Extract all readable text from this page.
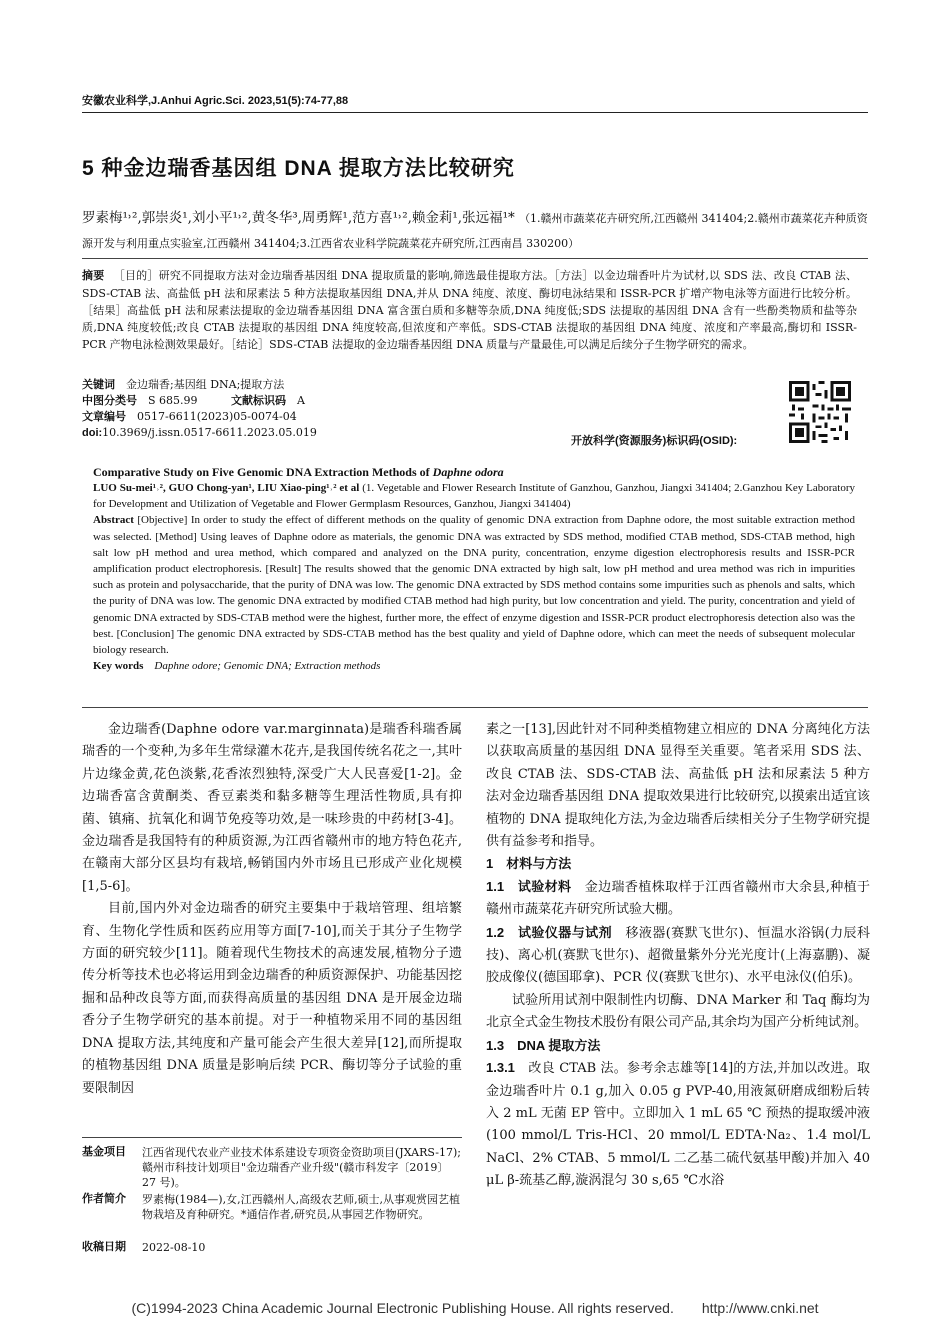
安徽农业科学,J.Anhui Agric.Sci. 2023,51(5):74-77,88
5 种金边瑞香基因组 DNA 提取方法比较研究
罗素梅¹˒²,郭崇炎¹,刘小平¹˒²,黄冬华³,周勇辉¹,范方喜¹˒²,赖金莉¹,张远福¹* （1.赣州市蔬菜花卉研究所,江西赣州 341404;2.赣州市蔬菜花卉种质资源开发与利用重点实验室,江西赣州 341404;3.江西省农业科学院蔬菜花卉研究所,江西南昌 330200）
摘要 　 ［目的］研究不同提取方法对金边瑞香基因组 DNA 提取质量的影响,筛选最佳提取方法。［方法］以金边瑞香叶片为试材,以 SDS 法、改良 CTAB 法、SDS-CTAB 法、高盐低 pH 法和尿素法 5 种方法提取基因组 DNA,并从 DNA 纯度、浓度、酶切电泳结果和 ISSR-PCR 扩增产物电泳等方面进行比较分析。［结果］高盐低 pH 法和尿素法提取的金边瑞香基因组 DNA 富含蛋白质和多糖等杂质,DNA 纯度低;SDS 法提取的基因组 DNA 含有一些酚类物质和盐等杂质,DNA 纯度较低;改良 CTAB 法提取的基因组 DNA 纯度较高,但浓度和产率低。SDS-CTAB 法提取的基因组 DNA 纯度、浓度和产率最高,酶切和 ISSR-PCR 产物电泳检测效果最好。［结论］SDS-CTAB 法提取的金边瑞香基因组 DNA 质量与产量最佳,可以满足后续分子生物学研究的需求。
关键词　 金边瑞香;基因组 DNA;提取方法
中图分类号　 S 685.99	文献标识码　 A
文章编号　 0517-6611(2023)05-0074-04
doi:10.3969/j.issn.0517-6611.2023.05.019
开放科学(资源服务)标识码(OSID):
Comparative Study on Five Genomic DNA Extraction Methods of Daphne odora
LUO Su-mei¹˒², GUO Chong-yan¹, LIU Xiao-ping¹˒² et al (1. Vegetable and Flower Research Institute of Ganzhou, Ganzhou, Jiangxi 341404; 2.Ganzhou Key Laboratory for Development and Utilization of Vegetable and Flower Germplasm Resources, Ganzhou, Jiangxi 341404)
Abstract [Objective] In order to study the effect of different methods on the quality of genomic DNA extraction from Daphne odore, the most suitable extraction method was selected. [Method] Using leaves of Daphne odore as materials, the genomic DNA was extracted by SDS method, modified CTAB method, SDS-CTAB method, high salt low pH method and urea method, which compared and analyzed on the DNA purity, concentration, enzyme digestion electrophoresis results and ISSR-PCR amplification product electrophoresis. [Result] The results showed that the genomic DNA extracted by high salt, low pH method and urea method was rich in impurities such as protein and polysaccharide, that the purity of DNA was low. The genomic DNA extracted by SDS method contains some impurities such as phenols and salts, which the purity of DNA was low. The genomic DNA extracted by modified CTAB method had high purity, but low concentration and yield. The purity, concentration and yield of genomic DNA extracted by SDS-CTAB method were the highest, further more, the effect of enzyme digestion and ISSR-PCR product electrophoresis detection also was the best. [Conclusion] The genomic DNA extracted by SDS-CTAB method has the best quality and yield of Daphne odore, which can meet the needs of subsequent molecular biology research.
Key words　 Daphne odore; Genomic DNA; Extraction methods

金边瑞香(Daphne odore var.marginnata)是瑞香科瑞香属瑞香的一个变种,为多年生常绿灌木花卉,是我国传统名花之一,其叶片边缘金黄,花色淡紫,花香浓烈独特,深受广大人民喜爱[1-2]。金边瑞香富含黄酮类、香豆素类和黏多糖等生理活性物质,具有抑菌、镇痛、抗氧化和调节免疫等功效,是一味珍贵的中药材[3-4]。金边瑞香是我国特有的种质资源,为江西省赣州市的地方特色花卉,在赣南大部分区县均有栽培,畅销国内外市场且已形成产业化规模[1,5-6]。

目前,国内外对金边瑞香的研究主要集中于栽培管理、组培繁育、生物化学性质和医药应用等方面[7-10],而关于其分子生物学方面的研究较少[11]。随着现代生物技术的高速发展,植物分子遗传分析等技术也必将运用到金边瑞香的种质资源保护、功能基因挖掘和品种改良等方面,而获得高质量的基因组 DNA 是开展金边瑞香分子生物学研究的基本前提。对于一种植物采用不同的基因组 DNA 提取方法,其纯度和产量可能会产生很大差异[12],而所提取的植物基因组 DNA 质量是影响后续 PCR、酶切等分子试验的重要限制因

素之一[13],因此针对不同种类植物建立相应的 DNA 分离纯化方法以获取高质量的基因组 DNA 显得至关重要。笔者采用 SDS 法、改良 CTAB 法、SDS-CTAB 法、高盐低 pH 法和尿素法 5 种方法对金边瑞香基因组 DNA 提取效果进行比较研究,以摸索出适宜该植物的 DNA 提取纯化方法,为金边瑞香后续相关分子生物学研究提供有益参考和指导。

1　材料与方法

1.1　试验材料　 金边瑞香植株取样于江西省赣州市大余县,种植于赣州市蔬菜花卉研究所试验大棚。

1.2　试验仪器与试剂　 移液器(赛默飞世尔)、恒温水浴锅(力辰科技)、离心机(赛默飞世尔)、超微量紫外分光光度计(上海嘉鹏)、凝胶成像仪(德国耶拿)、PCR 仪(赛默飞世尔)、水平电泳仪(伯乐)。

试验所用试剂中限制性内切酶、DNA Marker 和 Taq 酶均为北京全式金生物技术股份有限公司产品,其余均为国产分析纯试剂。

1.3　DNA 提取方法

1.3.1　 改良 CTAB 法。参考余志雄等[14]的方法,并加以改进。取金边瑞香叶片 0.1 g,加入 0.05 g PVP-40,用液氮研磨成细粉后转入 2 mL 无菌 EP 管中。立即加入 1 mL 65 ℃ 预热的提取缓冲液(100 mmol/L Tris-HCl、20 mmol/L EDTA·Na₂、1.4 mol/L NaCl、2% CTAB、5 mmol/L 二乙基二硫代氨基甲酸)并加入 40 μL β-巯基乙醇,漩涡混匀 30 s,65 ℃水浴

基金项目 江西省现代农业产业技术体系建设专项资金资助项目(JXARS-17);赣州市科技计划项目"金边瑞香产业升级"(赣市科发字〔2019〕27 号)。
作者简介 罗素梅(1984—),女,江西赣州人,高级农艺师,硕士,从事观赏园艺植物栽培及育种研究。*通信作者,研究员,从事园艺作物研究。
收稿日期 2022-08-10
(C)1994-2023 China Academic Journal Electronic Publishing House. All rights reserved.　　http://www.cnki.net
